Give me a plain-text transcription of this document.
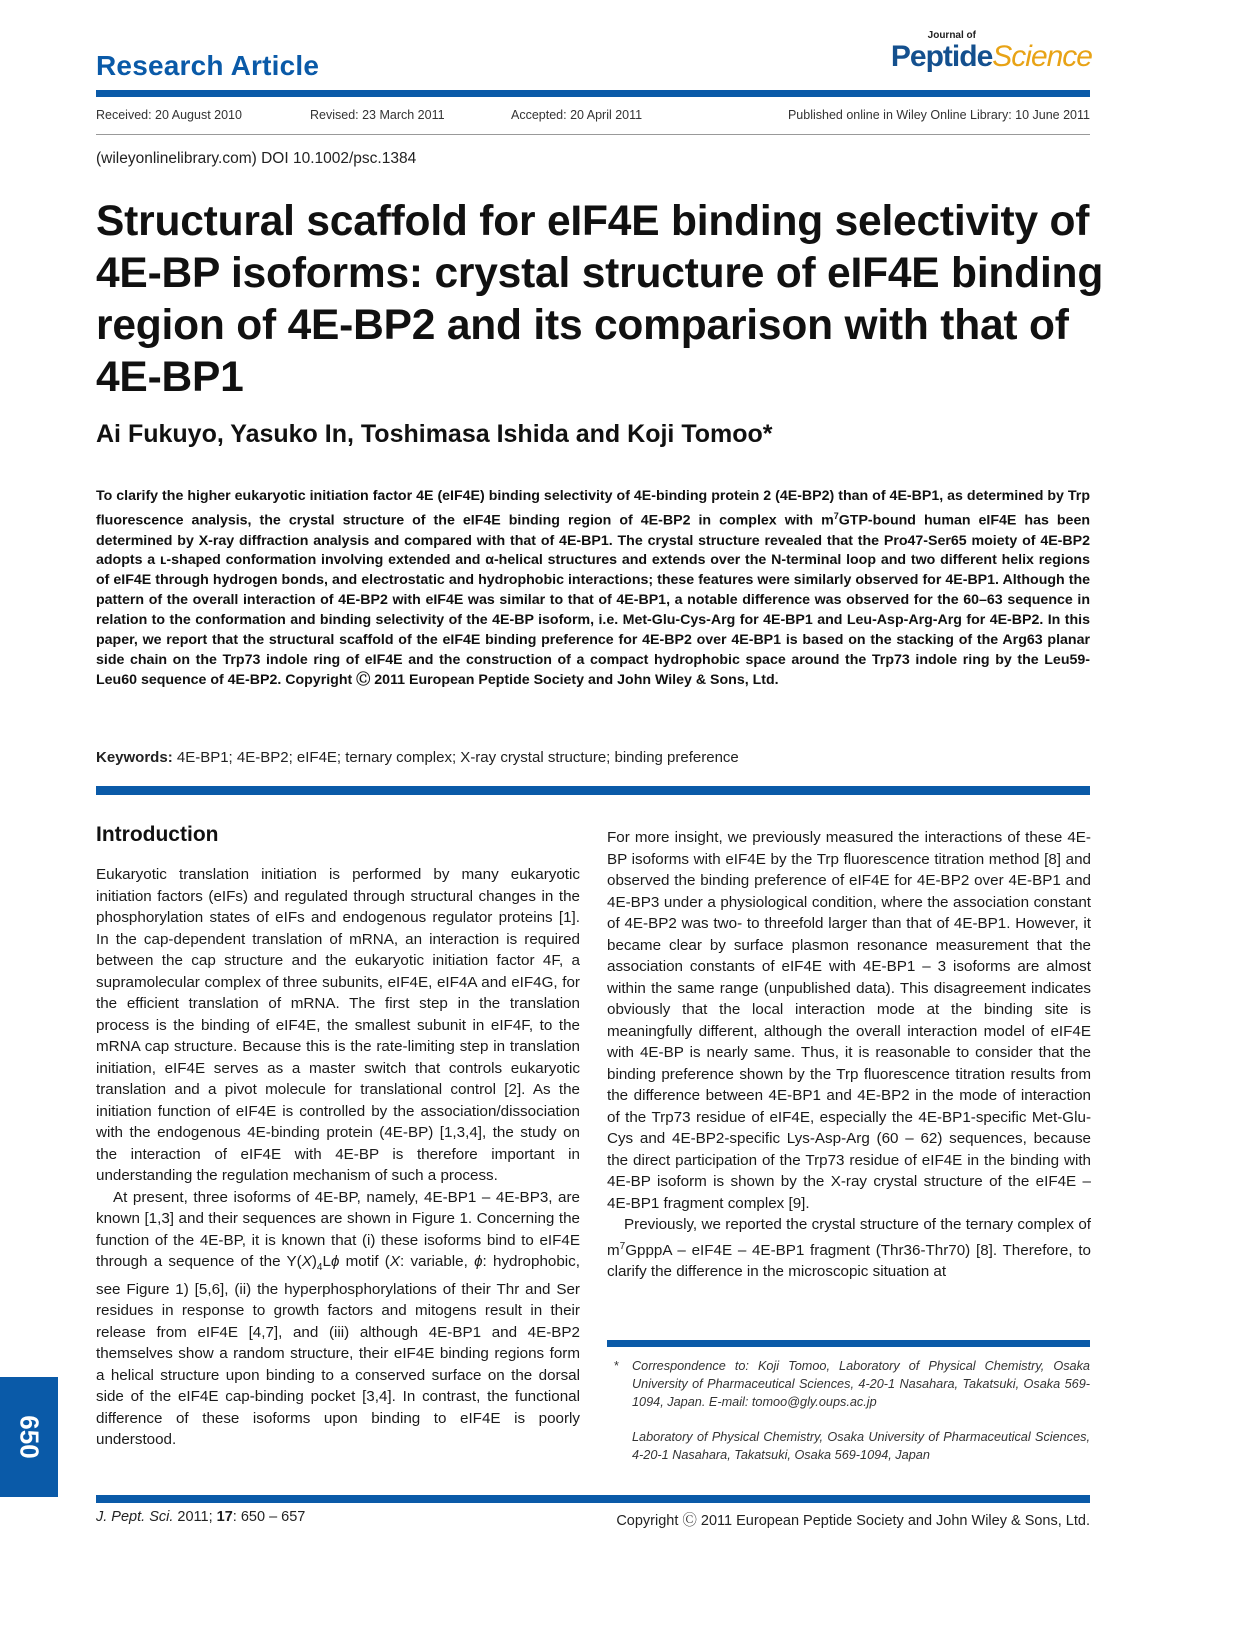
Research Article
Journal of
PeptideScience
Received: 20 August 2010	Revised: 23 March 2011	Accepted: 20 April 2011	Published online in Wiley Online Library: 10 June 2011
(wileyonlinelibrary.com) DOI 10.1002/psc.1384
Structural scaffold for eIF4E binding selectivity of 4E-BP isoforms: crystal structure of eIF4E binding region of 4E-BP2 and its comparison with that of 4E-BP1
Ai Fukuyo, Yasuko In, Toshimasa Ishida and Koji Tomoo*

To clarify the higher eukaryotic initiation factor 4E (eIF4E) binding selectivity of 4E-binding protein 2 (4E-BP2) than of 4E-BP1, as determined by Trp fluorescence analysis, the crystal structure of the eIF4E binding region of 4E-BP2 in complex with $m^7GTP$-bound human eIF4E has been determined by X-ray diffraction analysis and compared with that of 4E-BP1. The crystal structure revealed that the Pro47-Ser65 moiety of 4E-BP2 adopts a ʟ-shaped conformation involving extended and α-helical structures and extends over the N-terminal loop and two different helix regions of eIF4E through hydrogen bonds, and electrostatic and hydrophobic interactions; these features were similarly observed for 4E-BP1. Although the pattern of the overall interaction of 4E-BP2 with eIF4E was similar to that of 4E-BP1, a notable difference was observed for the 60–63 sequence in relation to the conformation and binding selectivity of the 4E-BP isoform, i.e. Met-Glu-Cys-Arg for 4E-BP1 and Leu-Asp-Arg-Arg for 4E-BP2. In this paper, we report that the structural scaffold of the eIF4E binding preference for 4E-BP2 over 4E-BP1 is based on the stacking of the Arg63 planar side chain on the Trp73 indole ring of eIF4E and the construction of a compact hydrophobic space around the Trp73 indole ring by the Leu59-Leu60 sequence of 4E-BP2. Copyright Ⓒ 2011 European Peptide Society and John Wiley & Sons, Ltd.

Keywords: 4E-BP1; 4E-BP2; eIF4E; ternary complex; X-ray crystal structure; binding preference
Introduction

Eukaryotic translation initiation is performed by many eukaryotic initiation factors (eIFs) and regulated through structural changes in the phosphorylation states of eIFs and endogenous regulator proteins [1]. In the cap-dependent translation of mRNA, an interaction is required between the cap structure and the eukaryotic initiation factor 4F, a supramolecular complex of three subunits, eIF4E, eIF4A and eIF4G, for the efficient translation of mRNA. The first step in the translation process is the binding of eIF4E, the smallest subunit in eIF4F, to the mRNA cap structure. Because this is the rate-limiting step in translation initiation, eIF4E serves as a master switch that controls eukaryotic translation and a pivot molecule for translational control [2]. As the initiation function of eIF4E is controlled by the association/dissociation with the endogenous 4E-binding protein (4E-BP) [1,3,4], the study on the interaction of eIF4E with 4E-BP is therefore important in understanding the regulation mechanism of such a process.

At present, three isoforms of 4E-BP, namely, 4E-BP1 – 4E-BP3, are known [1,3] and their sequences are shown in Figure 1. Concerning the function of the 4E-BP, it is known that (i) these isoforms bind to eIF4E through a sequence of the $Y(X)_4L\phi$ motif (X: variable, ϕ: hydrophobic, see Figure 1) [5,6], (ii) the hyperphosphorylations of their Thr and Ser residues in response to growth factors and mitogens result in their release from eIF4E [4,7], and (iii) although 4E-BP1 and 4E-BP2 themselves show a random structure, their eIF4E binding regions form a helical structure upon binding to a conserved surface on the dorsal side of the eIF4E cap-binding pocket [3,4]. In contrast, the functional difference of these isoforms upon binding to eIF4E is poorly understood.

For more insight, we previously measured the interactions of these 4E-BP isoforms with eIF4E by the Trp fluorescence titration method [8] and observed the binding preference of eIF4E for 4E-BP2 over 4E-BP1 and 4E-BP3 under a physiological condition, where the association constant of 4E-BP2 was two- to threefold larger than that of 4E-BP1. However, it became clear by surface plasmon resonance measurement that the association constants of eIF4E with 4E-BP1 – 3 isoforms are almost within the same range (unpublished data). This disagreement indicates obviously that the local interaction mode at the binding site is meaningfully different, although the overall interaction model of eIF4E with 4E-BP is nearly same. Thus, it is reasonable to consider that the binding preference shown by the Trp fluorescence titration results from the difference between 4E-BP1 and 4E-BP2 in the mode of interaction of the Trp73 residue of eIF4E, especially the 4E-BP1-specific Met-Glu-Cys and 4E-BP2-specific Lys-Asp-Arg (60 – 62) sequences, because the direct participation of the Trp73 residue of eIF4E in the binding with 4E-BP isoform is shown by the X-ray crystal structure of the eIF4E – 4E-BP1 fragment complex [9].

Previously, we reported the crystal structure of the ternary complex of $m^7GpppA - eIF4E - 4E-BP1$ fragment (Thr36-Thr70) [8]. Therefore, to clarify the difference in the microscopic situation at

* Correspondence to: Koji Tomoo, Laboratory of Physical Chemistry, Osaka University of Pharmaceutical Sciences, 4-20-1 Nasahara, Takatsuki, Osaka 569-1094, Japan. E-mail: tomoo@gly.oups.ac.jp
Laboratory of Physical Chemistry, Osaka University of Pharmaceutical Sciences, 4-20-1 Nasahara, Takatsuki, Osaka 569-1094, Japan
650
J. Pept. Sci. 2011; 17: 650 – 657	Copyright Ⓒ 2011 European Peptide Society and John Wiley & Sons, Ltd.
